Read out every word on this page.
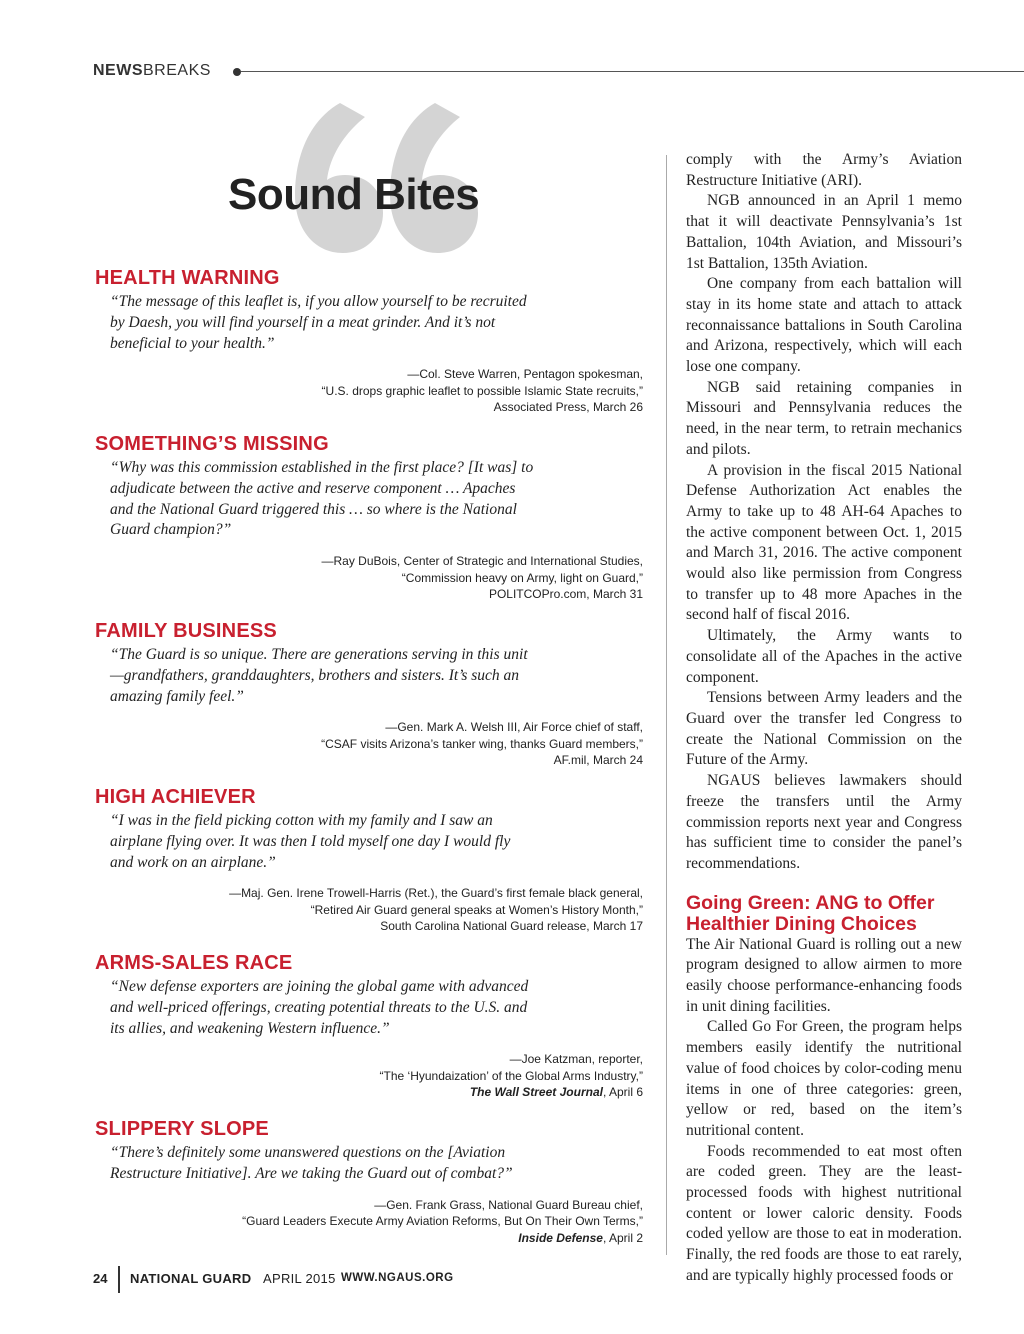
NEWSBREAKS
Sound Bites
HEALTH WARNING
“The message of this leaflet is, if you allow yourself to be recruited by Daesh, you will find yourself in a meat grinder. And it’s not beneficial to your health.”
—Col. Steve Warren, Pentagon spokesman,
“U.S. drops graphic leaflet to possible Islamic State recruits,”
Associated Press, March 26
SOMETHING’S MISSING
“Why was this commission established in the first place? [It was] to adjudicate between the active and reserve component … Apaches and the National Guard triggered this … so where is the National Guard champion?”
—Ray DuBois, Center of Strategic and International Studies,
“Commission heavy on Army, light on Guard,”
POLITCOPro.com, March 31
FAMILY BUSINESS
“The Guard is so unique. There are generations serving in this unit—grandfathers, granddaughters, brothers and sisters. It’s such an amazing family feel.”
—Gen. Mark A. Welsh III, Air Force chief of staff,
“CSAF visits Arizona’s tanker wing, thanks Guard members,”
AF.mil, March 24
HIGH ACHIEVER
“I was in the field picking cotton with my family and I saw an airplane flying over. It was then I told myself one day I would fly and work on an airplane.”
—Maj. Gen. Irene Trowell-Harris (Ret.), the Guard’s first female black general,
“Retired Air Guard general speaks at Women’s History Month,”
South Carolina National Guard release, March 17
ARMS-SALES RACE
“New defense exporters are joining the global game with advanced and well-priced offerings, creating potential threats to the U.S. and its allies, and weakening Western influence.”
—Joe Katzman, reporter,
“The ‘Hyundaization’ of the Global Arms Industry,”
The Wall Street Journal, April 6
SLIPPERY SLOPE
“There’s definitely some unanswered questions on the [Aviation Restructure Initiative]. Are we taking the Guard out of combat?”
—Gen. Frank Grass, National Guard Bureau chief,
“Guard Leaders Execute Army Aviation Reforms, But On Their Own Terms,”
Inside Defense, April 2

comply with the Army’s Aviation Restructure Initiative (ARI).

NGB announced in an April 1 memo that it will deactivate Pennsylvania’s 1st Battalion, 104th Aviation, and Missouri’s 1st Battalion, 135th Aviation.

One company from each battalion will stay in its home state and attach to attack reconnaissance battalions in South Carolina and Arizona, respectively, which will each lose one company.

NGB said retaining companies in Missouri and Pennsylvania reduces the need, in the near term, to retrain mechanics and pilots.

A provision in the fiscal 2015 National Defense Authorization Act enables the Army to take up to 48 AH-64 Apaches to the active component between Oct. 1, 2015 and March 31, 2016. The active component would also like permission from Congress to transfer up to 48 more Apaches in the second half of fiscal 2016.

Ultimately, the Army wants to consolidate all of the Apaches in the active component.

Tensions between Army leaders and the Guard over the transfer led Congress to create the National Commission on the Future of the Army.

NGAUS believes lawmakers should freeze the transfers until the Army commission reports next year and Congress has sufficient time to consider the panel’s recommendations.

Going Green: ANG to Offer Healthier Dining Choices

The Air National Guard is rolling out a new program designed to allow airmen to more easily choose performance-enhancing foods in unit dining facilities.

Called Go For Green, the program helps members easily identify the nutritional value of food choices by color-coding menu items in one of three categories: green, yellow or red, based on the item’s nutritional content.

Foods recommended to eat most often are coded green. They are the least-processed foods with highest nutritional content or lower caloric density. Foods coded yellow are those to eat in moderation. Finally, the red foods are those to eat rarely, and are typically highly processed foods or

24 NATIONAL GUARD APRIL 2015 WWW.NGAUS.ORG
